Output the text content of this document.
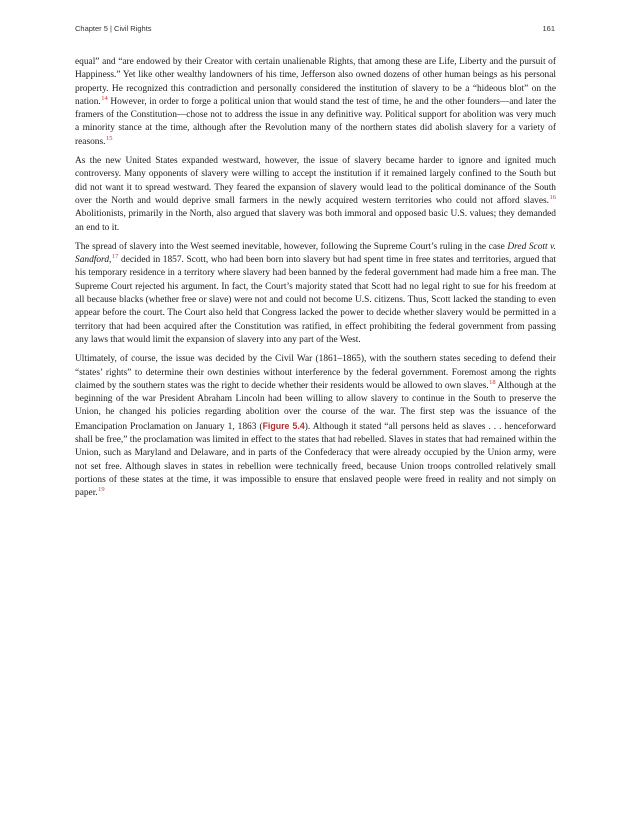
Chapter 5 | Civil Rights	161

equal” and “are endowed by their Creator with certain unalienable Rights, that among these are Life, Liberty and the pursuit of Happiness.” Yet like other wealthy landowners of his time, Jefferson also owned dozens of other human beings as his personal property. He recognized this contradiction and personally considered the institution of slavery to be a “hideous blot” on the nation.$^{14}$ However, in order to forge a political union that would stand the test of time, he and the other founders—and later the framers of the Constitution—chose not to address the issue in any definitive way. Political support for abolition was very much a minority stance at the time, although after the Revolution many of the northern states did abolish slavery for a variety of reasons.$^{15}$

As the new United States expanded westward, however, the issue of slavery became harder to ignore and ignited much controversy. Many opponents of slavery were willing to accept the institution if it remained largely confined to the South but did not want it to spread westward. They feared the expansion of slavery would lead to the political dominance of the South over the North and would deprive small farmers in the newly acquired western territories who could not afford slaves.$^{16}$ Abolitionists, primarily in the North, also argued that slavery was both immoral and opposed basic U.S. values; they demanded an end to it.

The spread of slavery into the West seemed inevitable, however, following the Supreme Court’s ruling in the case Dred Scott v. Sandford,$^{17}$ decided in 1857. Scott, who had been born into slavery but had spent time in free states and territories, argued that his temporary residence in a territory where slavery had been banned by the federal government had made him a free man. The Supreme Court rejected his argument. In fact, the Court’s majority stated that Scott had no legal right to sue for his freedom at all because blacks (whether free or slave) were not and could not become U.S. citizens. Thus, Scott lacked the standing to even appear before the court. The Court also held that Congress lacked the power to decide whether slavery would be permitted in a territory that had been acquired after the Constitution was ratified, in effect prohibiting the federal government from passing any laws that would limit the expansion of slavery into any part of the West.

Ultimately, of course, the issue was decided by the Civil War (1861–1865), with the southern states seceding to defend their “states’ rights” to determine their own destinies without interference by the federal government. Foremost among the rights claimed by the southern states was the right to decide whether their residents would be allowed to own slaves.$^{18}$ Although at the beginning of the war President Abraham Lincoln had been willing to allow slavery to continue in the South to preserve the Union, he changed his policies regarding abolition over the course of the war. The first step was the issuance of the Emancipation Proclamation on January 1, 1863 (Figure 5.4). Although it stated “all persons held as slaves . . . henceforward shall be free,” the proclamation was limited in effect to the states that had rebelled. Slaves in states that had remained within the Union, such as Maryland and Delaware, and in parts of the Confederacy that were already occupied by the Union army, were not set free. Although slaves in states in rebellion were technically freed, because Union troops controlled relatively small portions of these states at the time, it was impossible to ensure that enslaved people were freed in reality and not simply on paper.$^{19}$
